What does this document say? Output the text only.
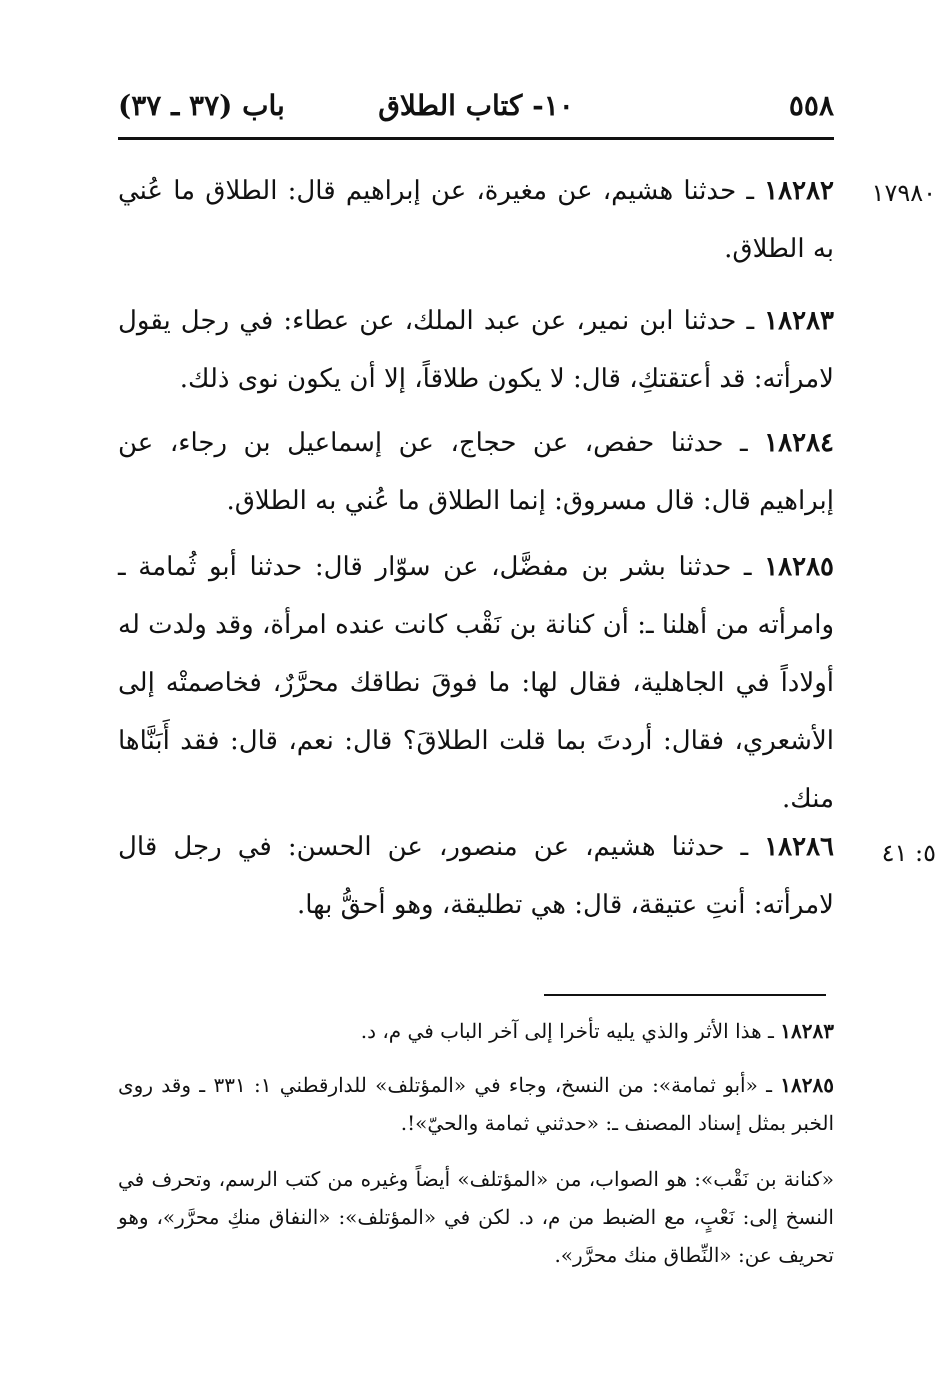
٥٥٨
١٠- كتاب الطلاق
باب (٣٧ ـ ٣٧)
١٧٩٨٠
١٨٢٨٢ ـ حدثنا هشيم، عن مغيرة، عن إبراهيم قال: الطلاق ما عُني به الطلاق.
١٨٢٨٣ ـ حدثنا ابن نمير، عن عبد الملك، عن عطاء: في رجل يقول لامرأته: قد أعتقتكِ، قال: لا يكون طلاقاً، إلا أن يكون نوى ذلك.
١٨٢٨٤ ـ حدثنا حفص، عن حجاج، عن إسماعيل بن رجاء، عن إبراهيم قال: قال مسروق: إنما الطلاق ما عُني به الطلاق.
١٨٢٨٥ ـ حدثنا بشر بن مفضَّل، عن سوّار قال: حدثنا أبو ثُمامة ـ وامرأته من أهلنا ـ: أن كنانة بن نَقْب كانت عنده امرأة، وقد ولدت له أولاداً في الجاهلية، فقال لها: ما فوقَ نطاقك محرَّرٌ، فخاصمتْه إلى الأشعري، فقال: أردتَ بما قلت الطلاقَ؟ قال: نعم، قال: فقد أَبَنَّاها منك.
٥: ٤١
١٨٢٨٦ ـ حدثنا هشيم، عن منصور، عن الحسن: في رجل قال لامرأته: أنتِ عتيقة، قال: هي تطليقة، وهو أحقُّ بها.
١٨٢٨٣ ـ هذا الأثر والذي يليه تأخرا إلى آخر الباب في م، د.
١٨٢٨٥ ـ «أبو ثمامة»: من النسخ، وجاء في «المؤتلف» للدارقطني ١: ٣٣١ ـ وقد روى الخبر بمثل إسناد المصنف ـ: «حدثني ثمامة والحيّ»!.
«كنانة بن نَقْب»: هو الصواب، من «المؤتلف» أيضاً وغيره من كتب الرسم، وتحرف في النسخ إلى: نَعْبٍ، مع الضبط من م، د. لكن في «المؤتلف»: «النفاق منكِ محرَّر»، وهو تحريف عن: «النِّطاق منك محرَّر».
